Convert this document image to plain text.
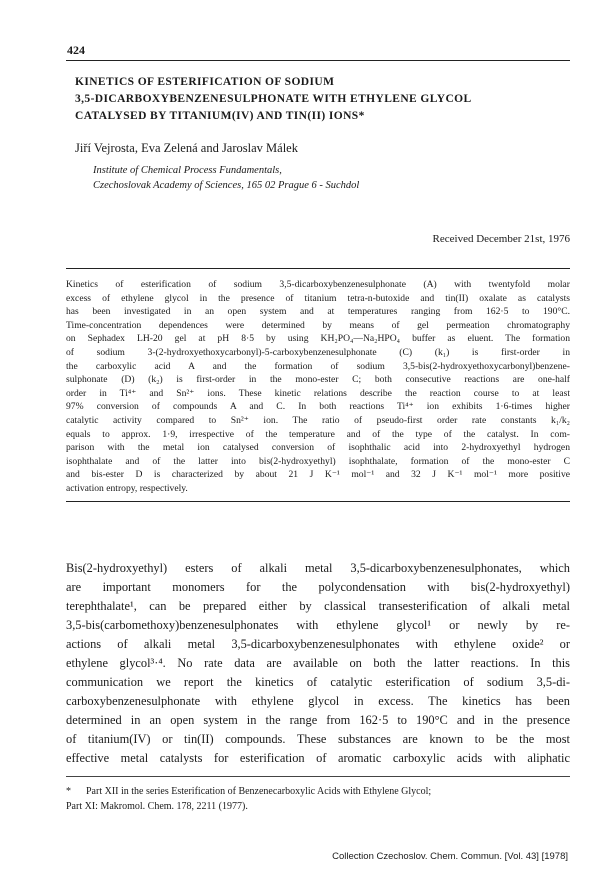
424
KINETICS OF ESTERIFICATION OF SODIUM
3,5-DICARBOXYBENZENESULPHONATE WITH ETHYLENE GLYCOL
CATALYSED BY TITANIUM(IV) AND TIN(II) IONS*
Jiří Vejrosta, Eva Zelená and Jaroslav Málek
Institute of Chemical Process Fundamentals,
Czechoslovak Academy of Sciences, 165 02 Prague 6 - Suchdol
Received December 21st, 1976
Kinetics of esterification of sodium 3,5-dicarboxybenzenesulphonate (A) with twentyfold molar
excess of ethylene glycol in the presence of titanium tetra-n-butoxide and tin(II) oxalate as catalysts
has been investigated in an open system and at temperatures ranging from 162·5 to 190°C.
Time-concentration dependences were determined by means of gel permeation chromatography
on Sephadex LH-20 gel at pH 8·5 by using KH₂PO₄—Na₂HPO₄ buffer as eluent. The formation
of sodium 3-(2-hydroxyethoxycarbonyl)-5-carboxybenzenesulphonate (C) (k₁) is first-order in
the carboxylic acid A and the formation of sodium 3,5-bis(2-hydroxyethoxycarbonyl)benzene-
sulphonate (D) (k₂) is first-order in the mono-ester C; both consecutive reactions are one-half
order in Ti⁴⁺ and Sn²⁺ ions. These kinetic relations describe the reaction course to at least
97% conversion of compounds A and C. In both reactions Ti⁴⁺ ion exhibits 1·6-times higher
catalytic activity compared to Sn²⁺ ion. The ratio of pseudo-first order rate constants k₁/k₂
equals to approx. 1·9, irrespective of the temperature and of the type of the catalyst. In com-
parison with the metal ion catalysed conversion of isophthalic acid into 2-hydroxyethyl hydrogen
isophthalate and of the latter into bis(2-hydroxyethyl) isophthalate, formation of the mono-ester C
and bis-ester D is characterized by about 21 J K⁻¹ mol⁻¹ and 32 J K⁻¹ mol⁻¹ more positive
activation entropy, respectively.
Bis(2-hydroxyethyl) esters of alkali metal 3,5-dicarboxybenzenesulphonates, which
are important monomers for the polycondensation with bis(2-hydroxyethyl)
terephthalate¹, can be prepared either by classical transesterification of alkali metal
3,5-bis(carbomethoxy)benzenesulphonates with ethylene glycol¹ or newly by re-
actions of alkali metal 3,5-dicarboxybenzenesulphonates with ethylene oxide² or
ethylene glycol³·⁴. No rate data are available on both the latter reactions. In this
communication we report the kinetics of catalytic esterification of sodium 3,5-di-
carboxybenzenesulphonate with ethylene glycol in excess. The kinetics has been
determined in an open system in the range from 162·5 to 190°C and in the presence
of titanium(IV) or tin(II) compounds. These substances are known to be the most
effective metal catalysts for esterification of aromatic carboxylic acids with aliphatic
*      Part XII in the series Esterification of Benzenecarboxylic Acids with Ethylene Glycol;
Part XI: Makromol. Chem. 178, 2211 (1977).
Collection Czechoslov. Chem. Commun. [Vol. 43] [1978]
